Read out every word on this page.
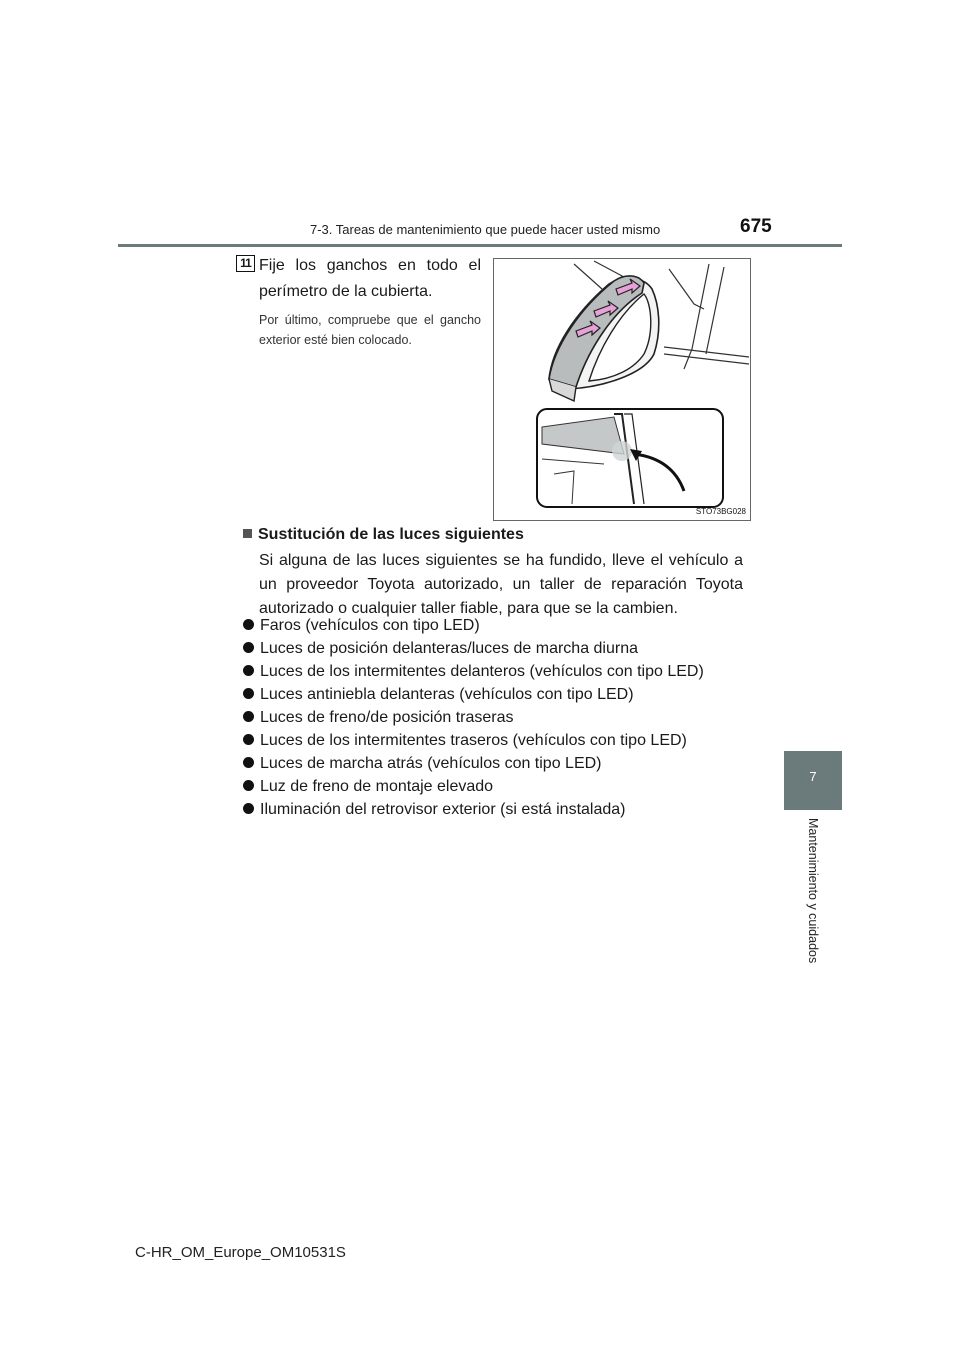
7-3. Tareas de mantenimiento que puede hacer usted mismo	675
7
Mantenimiento y cuidados
11 Fije los ganchos en todo el perímetro de la cubierta.
Por último, compruebe que el gancho exterior esté bien colocado.
STO73BG028
Sustitución de las luces siguientes
Si alguna de las luces siguientes se ha fundido, lleve el vehículo a un proveedor Toyota autorizado, un taller de reparación Toyota autorizado o cualquier taller fiable, para que se la cambien.
Faros (vehículos con tipo LED)
Luces de posición delanteras/luces de marcha diurna
Luces de los intermitentes delanteros (vehículos con tipo LED)
Luces antiniebla delanteras (vehículos con tipo LED)
Luces de freno/de posición traseras
Luces de los intermitentes traseros (vehículos con tipo LED)
Luces de marcha atrás (vehículos con tipo LED)
Luz de freno de montaje elevado
Iluminación del retrovisor exterior (si está instalada)
C-HR_OM_Europe_OM10531S
